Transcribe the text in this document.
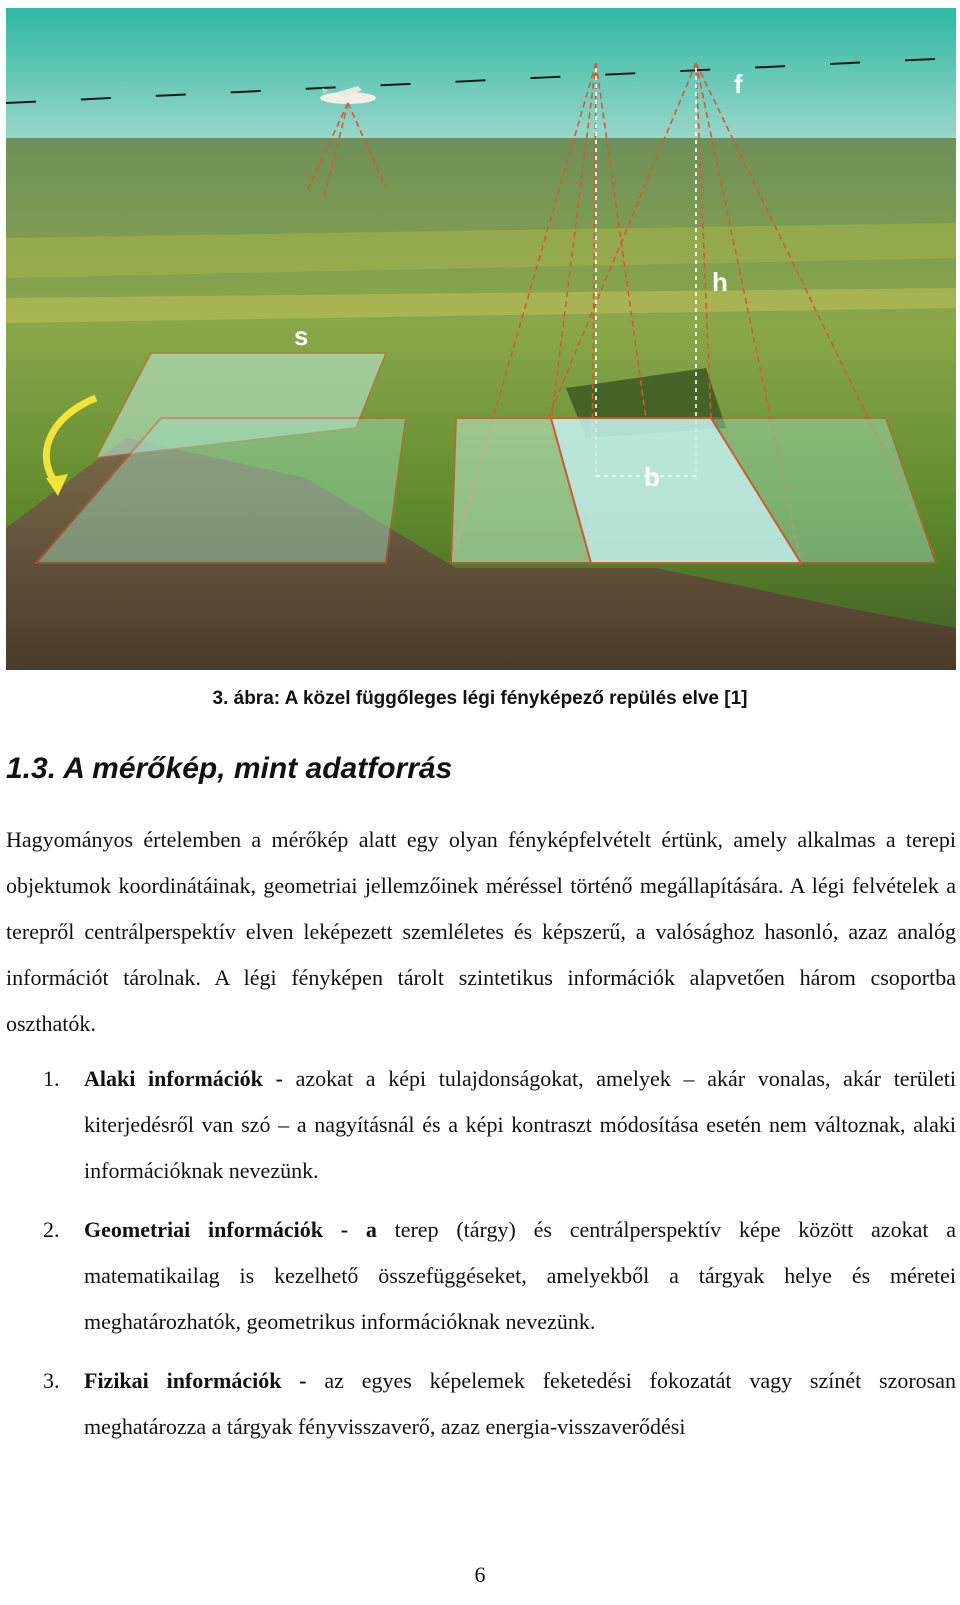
f
h
s
b
3. ábra: A közel függőleges légi fényképező repülés elve [1]
1.3. A mérőkép, mint adatforrás

Hagyományos értelemben a mérőkép alatt egy olyan fényképfelvételt értünk, amely alkalmas a terepi objektumok koordinátáinak, geometriai jellemzőinek méréssel történő megállapítására. A légi felvételek a terepről centrálperspektív elven leképezett szemléletes és képszerű, a valósághoz hasonló, azaz analóg információt tárolnak. A légi fényképen tárolt szintetikus információk alapvetően három csoportba oszthatók.

1. Alaki információk - azokat a képi tulajdonságokat, amelyek – akár vonalas, akár területi kiterjedésről van szó – a nagyításnál és a képi kontraszt módosítása esetén nem változnak, alaki információknak nevezünk.
2. Geometriai információk - a terep (tárgy) és centrálperspektív képe között azokat a matematikailag is kezelhető összefüggéseket, amelyekből a tárgyak helye és méretei meghatározhatók, geometrikus információknak nevezünk.
3. Fizikai információk - az egyes képelemek feketedési fokozatát vagy színét szorosan meghatározza a tárgyak fényvisszaverő, azaz energia-visszaverődési
6
